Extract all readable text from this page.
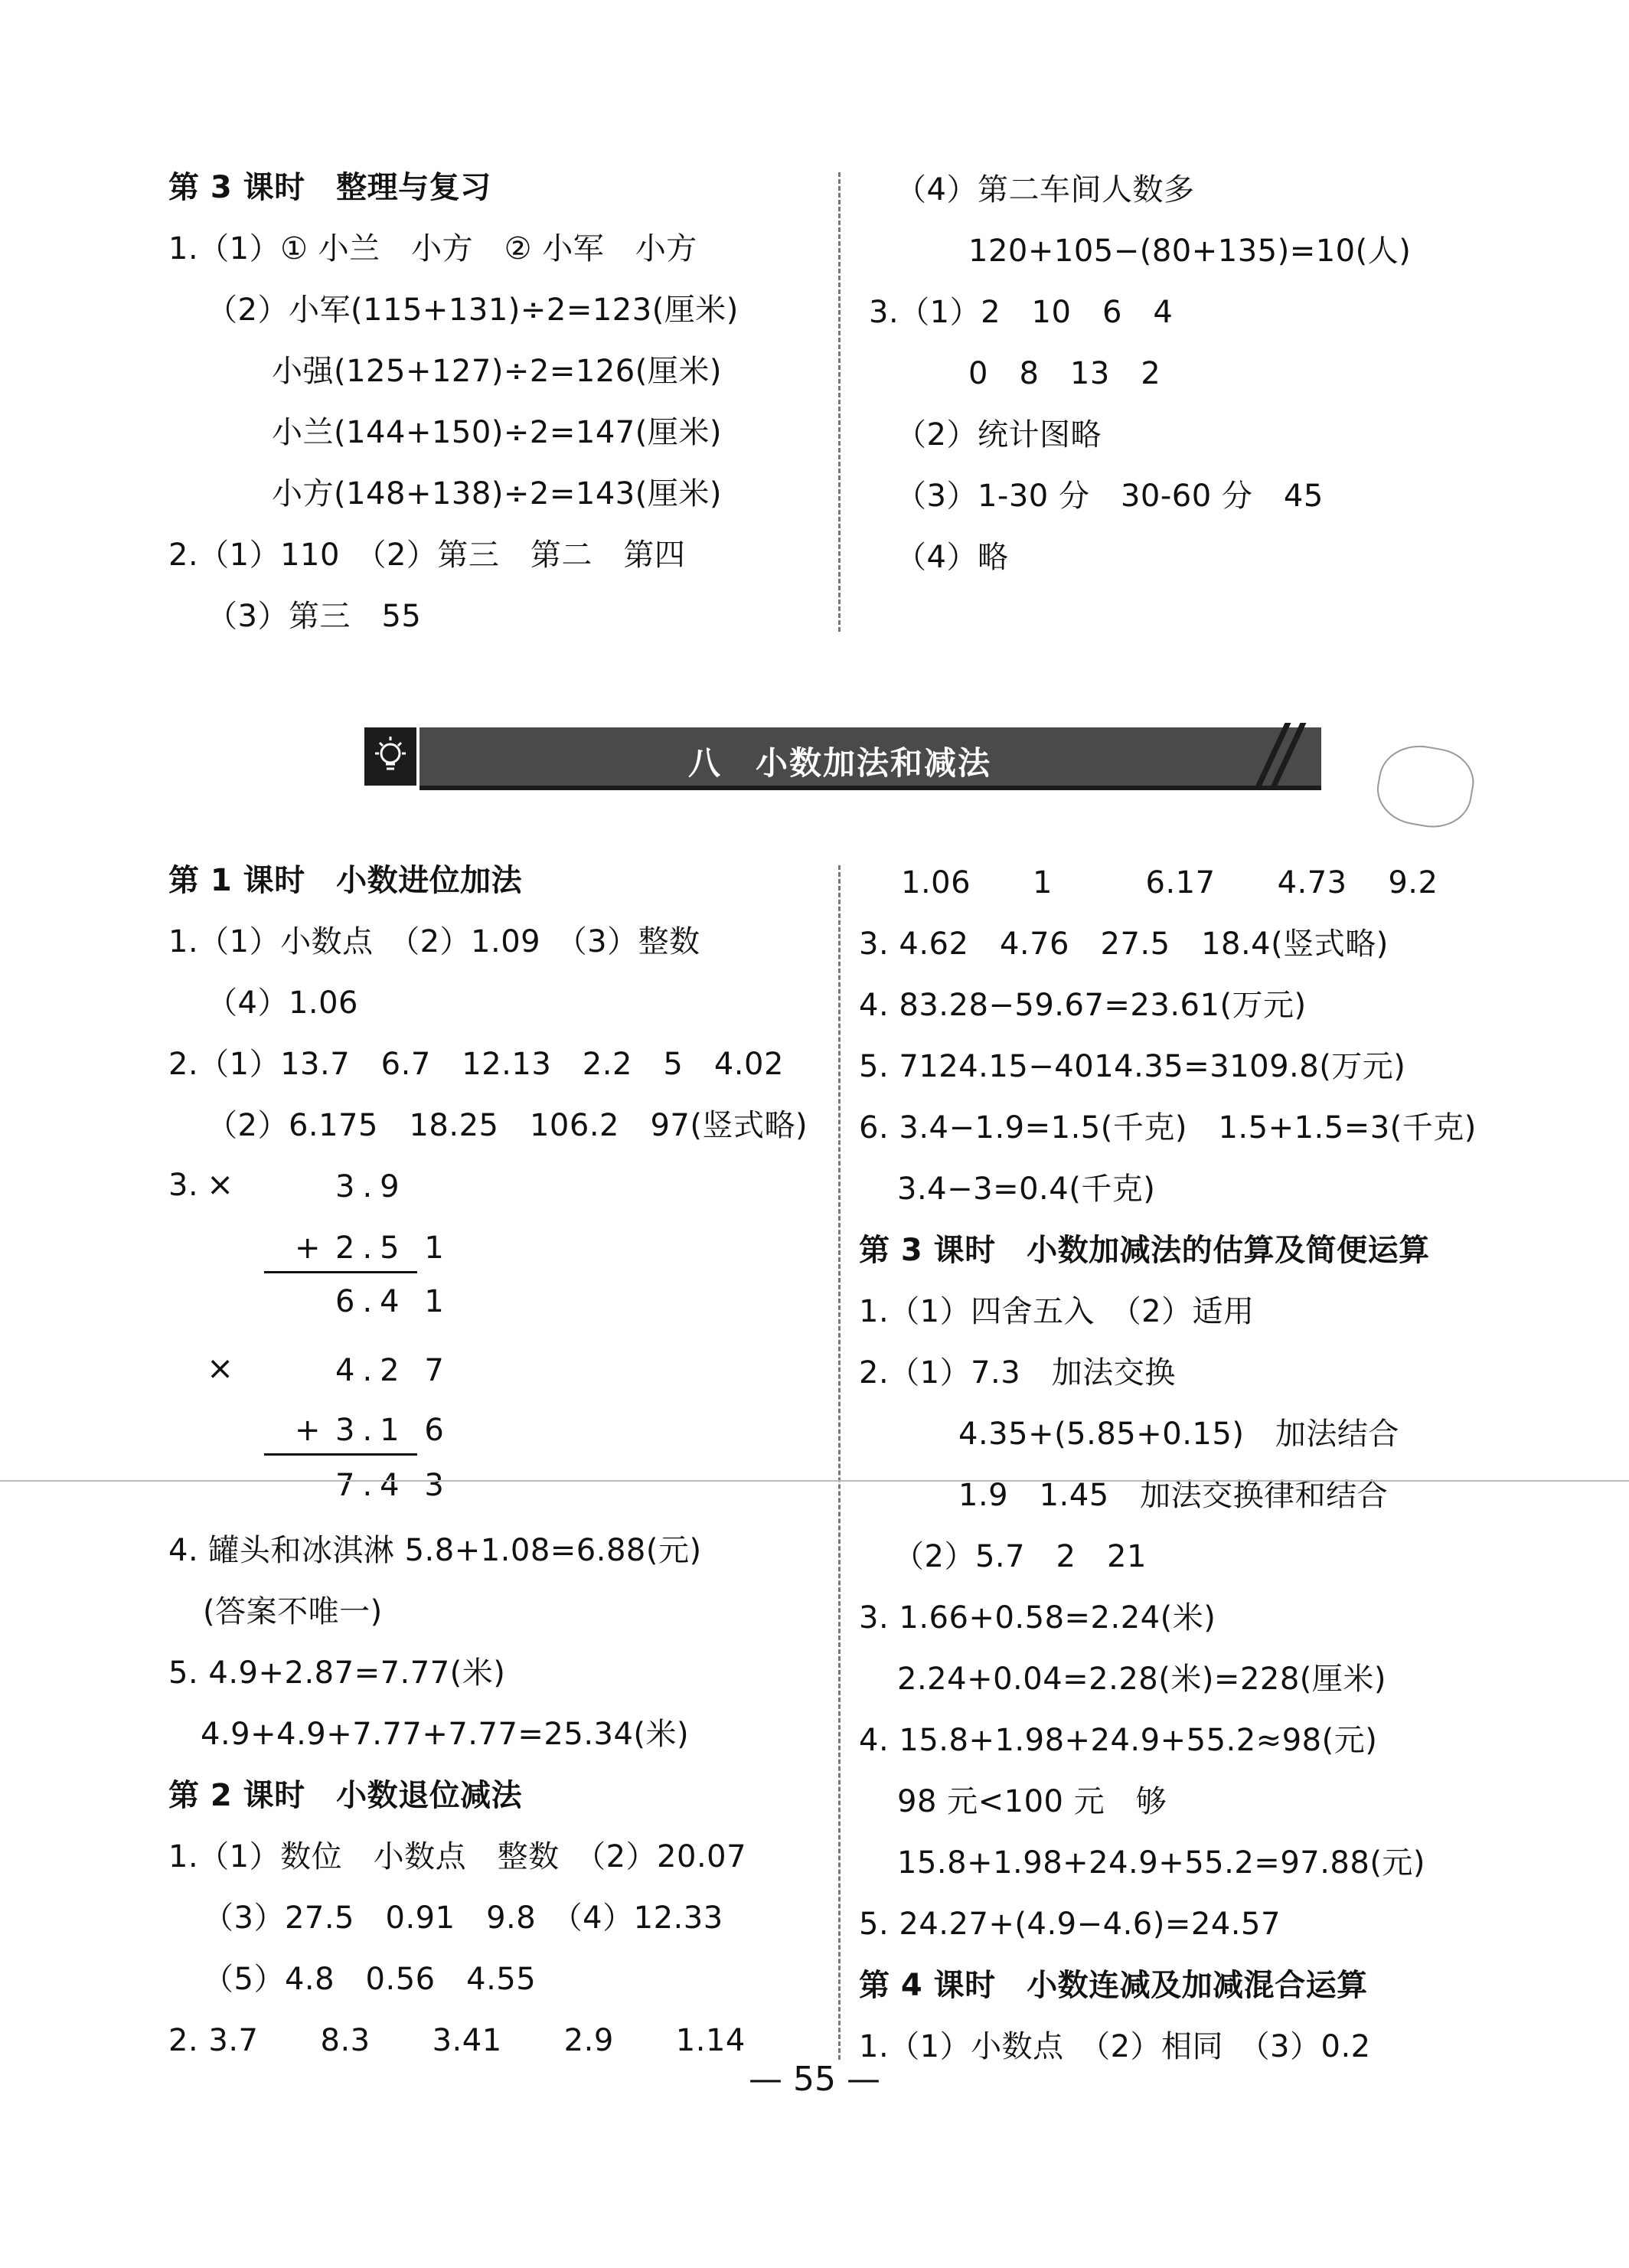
第 3 课时　整理与复习
1.（1）① 小兰　小方　② 小军　小方
（2）小军(115+131)÷2=123(厘米)
小强(125+127)÷2=126(厘米)
小兰(144+150)÷2=147(厘米)
小方(148+138)÷2=143(厘米)
2.（1）110　（2）第三　第二　第四
（3）第三　55
（4）第二车间人数多
120+105−(80+135)=10(人)
3.（1）2　10　6　4
0　8　13　2
（2）统计图略
（3）1-30 分　30-60 分　45
（4）略
八　小数加法和减法
第 1 课时　小数进位加法
1.（1）小数点　（2）1.09　（3）整数
（4）1.06
2.（1）13.7　6.7　12.13　2.2　5　4.02
（2）6.175　18.25　106.2　97(竖式略)
3. ×	3.9
+ 2.5 1
6.4 1
×	4.2 7
+ 3.1 6
7.4 3
4. 罐头和冰淇淋 5.8+1.08=6.88(元)
(答案不唯一)
5. 4.9+2.87=7.77(米)
4.9+4.9+7.77+7.77=25.34(米)
第 2 课时　小数退位减法
1.（1）数位　小数点　整数　（2）20.07
（3）27.5　0.91　9.8　（4）12.33
（5）4.8　0.56　4.55
2. 3.7　　8.3　　3.41　　2.9　　1.14
1.06　　1　　　6.17　　4.73　 9.2
3. 4.62　4.76　27.5　18.4(竖式略)
4. 83.28−59.67=23.61(万元)
5. 7124.15−4014.35=3109.8(万元)
6. 3.4−1.9=1.5(千克)　1.5+1.5=3(千克)
3.4−3=0.4(千克)
第 3 课时　小数加减法的估算及简便运算
1.（1）四舍五入　（2）适用
2.（1）7.3　加法交换
4.35+(5.85+0.15)　加法结合
1.9　1.45　加法交换律和结合
（2）5.7　2　21
3. 1.66+0.58=2.24(米)
2.24+0.04=2.28(米)=228(厘米)
4. 15.8+1.98+24.9+55.2≈98(元)
98 元<100 元　够
15.8+1.98+24.9+55.2=97.88(元)
5. 24.27+(4.9−4.6)=24.57
第 4 课时　小数连减及加减混合运算
1.（1）小数点　（2）相同　（3）0.2
— 55 —
